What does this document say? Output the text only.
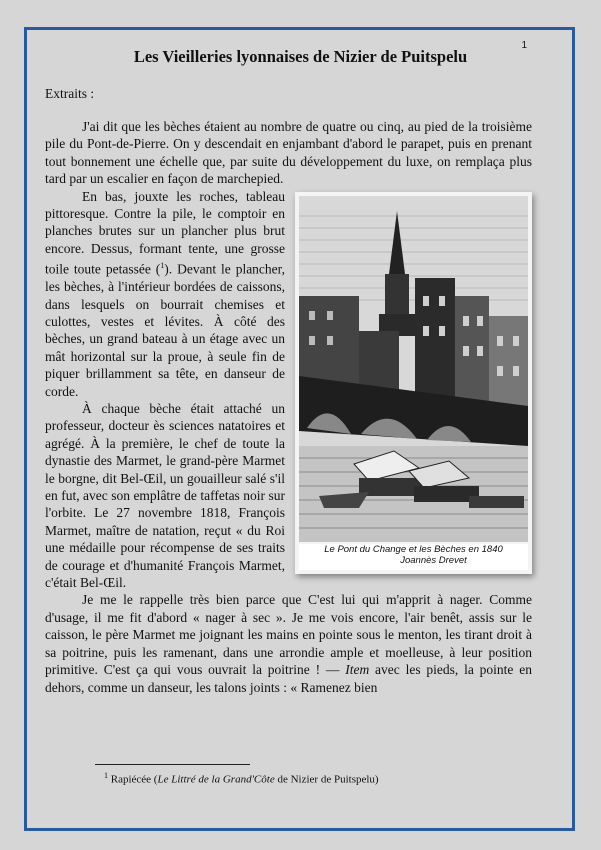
1
Les Vieilleries lyonnaises de Nizier de Puitspelu
Extraits :

J'ai dit que les bèches étaient au nombre de quatre ou cinq, au pied de la troisième pile du Pont-de-Pierre. On y descendait en enjambant d'abord le parapet, puis en prenant tout bonnement une échelle que, par suite du développement du luxe, on remplaça plus tard par un escalier en façon de marchepied.

Le Pont du Change et les Bèches en 1840
Joannès Drevet

En bas, jouxte les roches, tableau pittoresque. Contre la pile, le comptoir en planches brutes sur un plancher plus brut encore. Dessus, formant tente, une grosse toile toute petassée ($^1$). Devant le plancher, les bèches, à l'intérieur bordées de caissons, dans lesquels on bourrait chemises et culottes, vestes et lévites. À côté des bèches, un grand bateau à un étage avec un mât horizontal sur la proue, à seule fin de piquer brillamment sa tête, en danseur de corde.

À chaque bèche était attaché un professeur, docteur ès sciences natatoires et agrégé. À la première, le chef de toute la dynastie des Marmet, le grand-père Marmet le borgne, dit Bel-Œil, un gouailleur salé s'il en fut, avec son emplâtre de taffetas noir sur l'orbite. Le 27 novembre 1818, François Marmet, maître de natation, reçut « du Roi une médaille pour récompense de ses traits de courage et d'humanité François Marmet, c'était Bel-Œil.

Je me le rappelle très bien parce que C'est lui qui m'apprit à nager. Comme d'usage, il me fit d'abord « nager à sec ». Je me vois encore, l'air benêt, assis sur le caisson, le père Marmet me joignant les mains en pointe sous le menton, les tirant droit à sa poitrine, puis les ramenant, dans une arrondie ample et moelleuse, à leur position primitive. C'est ça qui vous ouvrait la poitrine ! — Item avec les pieds, la pointe en dehors, comme un danseur, les talons joints : « Ramenez bien

$^1$ Rapiécée (Le Littré de la Grand'Côte de Nizier de Puitspelu)
